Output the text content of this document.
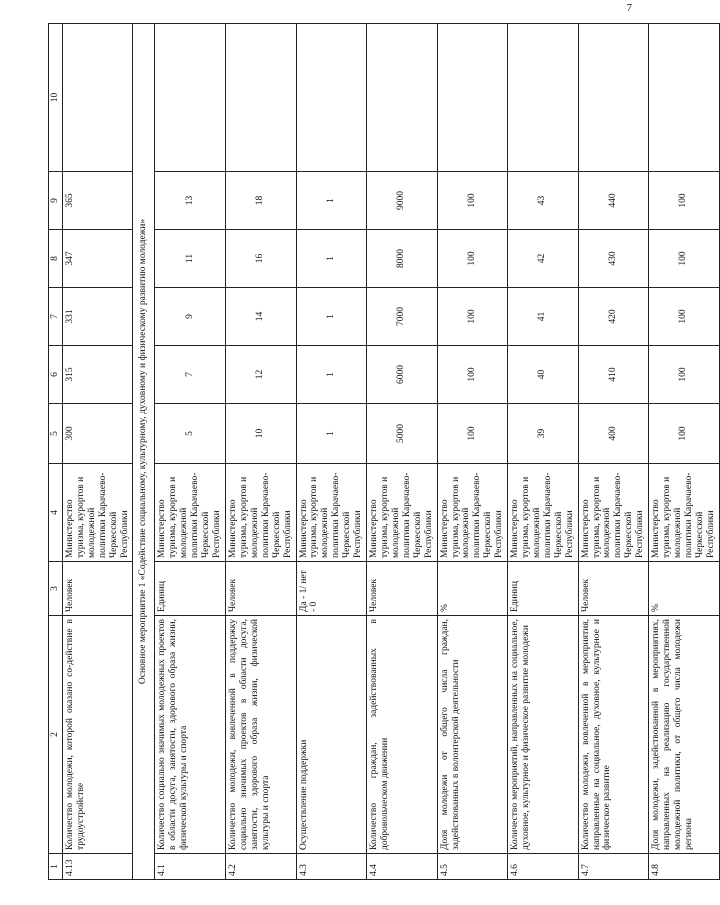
7
1	2	3	4	5	6	7	8	9	10
4.13	Количество молодежи, которой оказано со-действие в трудоустройстве	Человек	Министерство туризма, курортов и молодежной политики Карачаево-Черкесской Республики	300	315	331	347	365	
Основное мероприятие 1 «Содействие социальному, культурному, духовному и физическому развитию молодежи»									
4.1	Количество социально значимых молодежных проектов в области досуга, занятости, здорового образа жизни, физической культуры и спорта	Единиц	Министерство туризма, курортов и молодежной политики Карачаево-Черкесской Республики	5	7	9	11	13	
4.2	Количество молодежи, вовлеченной в поддержку социально значимых проектов в области досуга, занятости, здорового образа жизни, физической культуры и спорта	Человек	Министерство туризма, курортов и молодежной политики Карачаево-Черкесской Республики	10	12	14	16	18	
4.3	Осуществление поддержки	Да - 1/ нет - 0	Министерство туризма, курортов и молодежной политики Карачаево-Черкесской Республики	1	1	1	1	1	
4.4	Количество граждан, задействованных в добровольческом движении	Человек	Министерство туризма, курортов и молодежной политики Карачаево-Черкесской Республики	5000	6000	7000	8000	9000	
4.5	Доля молодежи от общего числа граждан, задействованных в волонтерской деятельности	%	Министерство туризма, курортов и молодежной политики Карачаево-Черкесской Республики	100	100	100	100	100	
4.6	Количество мероприятий, направленных на социальное, духовное, культурное и физическое развитие молодежи	Единиц	Министерство туризма, курортов и молодежной политики Карачаево-Черкесской Республики	39	40	41	42	43	
4.7	Количество молодежи, вовлеченной в мероприятия, направленные на социальное, духовное, культурное и физическое развитие	Человек	Министерство туризма, курортов и молодежной политики Карачаево-Черкесской Республики	400	410	420	430	440	
4.8	Доля молодежи, задействованной в мероприятиях, направленных на реализацию государственной молодежной политики, от общего числа молодежи региона	%	Министерство туризма, курортов и молодежной политики Карачаево-Черкесской Республики	100	100	100	100	100	
